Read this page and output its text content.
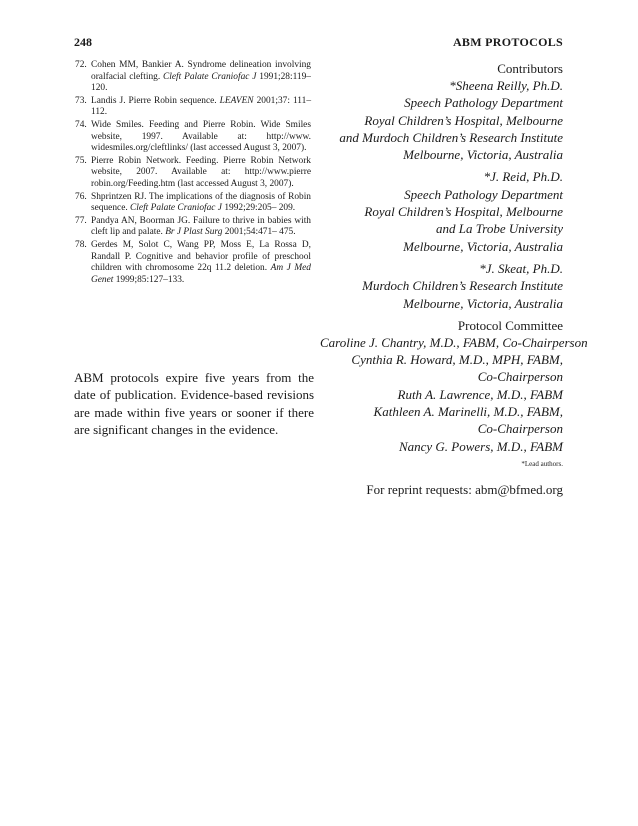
248	ABM PROTOCOLS
72. Cohen MM, Bankier A. Syndrome delineation involving oralfacial clefting. Cleft Palate Craniofac J 1991;28:119–120.
73. Landis J. Pierre Robin sequence. LEAVEN 2001;37: 111–112.
74. Wide Smiles. Feeding and Pierre Robin. Wide Smiles website, 1997. Available at: http://www. widesmiles.org/cleftlinks/ (last accessed August 3, 2007).
75. Pierre Robin Network. Feeding. Pierre Robin Network website, 2007. Available at: http://www.pierre robin.org/Feeding.htm (last accessed August 3, 2007).
76. Shprintzen RJ. The implications of the diagnosis of Robin sequence. Cleft Palate Craniofac J 1992;29:205– 209.
77. Pandya AN, Boorman JG. Failure to thrive in babies with cleft lip and palate. Br J Plast Surg 2001;54:471– 475.
78. Gerdes M, Solot C, Wang PP, Moss E, La Rossa D, Randall P. Cognitive and behavior profile of preschool children with chromosome 22q 11.2 deletion. Am J Med Genet 1999;85:127–133.
ABM protocols expire five years from the date of publication. Evidence-based revisions are made within five years or sooner if there are significant changes in the evidence.
Contributors
*Sheena Reilly, Ph.D.
Speech Pathology Department
Royal Children’s Hospital, Melbourne
and Murdoch Children’s Research Institute
Melbourne, Victoria, Australia
*J. Reid, Ph.D.
Speech Pathology Department
Royal Children’s Hospital, Melbourne
and La Trobe University
Melbourne, Victoria, Australia
*J. Skeat, Ph.D.
Murdoch Children’s Research Institute
Melbourne, Victoria, Australia
Protocol Committee
Caroline J. Chantry, M.D., FABM, Co-Chairperson
Cynthia R. Howard, M.D., MPH, FABM,
Co-Chairperson
Ruth A. Lawrence, M.D., FABM
Kathleen A. Marinelli, M.D., FABM,
Co-Chairperson
Nancy G. Powers, M.D., FABM
*Lead authors.
For reprint requests: abm@bfmed.org
